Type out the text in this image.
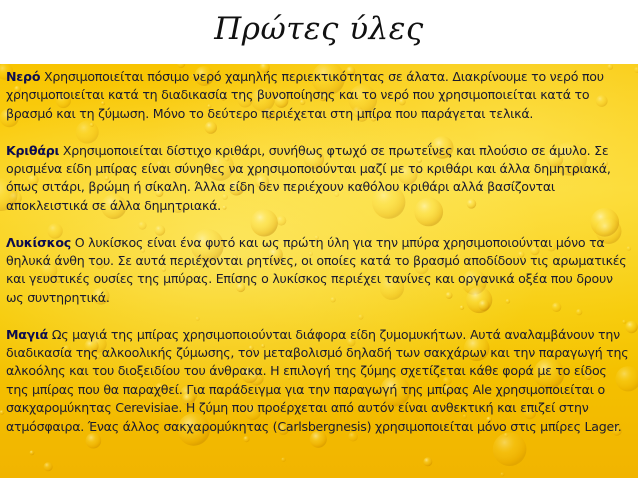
Πρώτες ύλες

Νερό Χρησιμοποιείται πόσιμο νερό χαμηλής περιεκτικότητας σε άλατα. Διακρίνουμε το νερό που χρησιμοποιείται κατά τη διαδικασία της βυνοποίησης και το νερό που χρησιμοποιείται κατά το βρασμό και τη ζύμωση. Μόνο το δεύτερο περιέχεται στη μπίρα που παράγεται τελικά.

Κριθάρι Χρησιμοποιείται δίστιχο κριθάρι, συνήθως φτωχό σε πρωτεΐνες και πλούσιο σε άμυλο. Σε ορισμένα είδη μπίρας είναι σύνηθες να χρησιμοποιούνται μαζί με το κριθάρι και άλλα δημητριακά, όπως σιτάρι, βρώμη ή σίκαλη. Άλλα είδη δεν περιέχουν καθόλου κριθάρι αλλά βασίζονται αποκλειστικά σε άλλα δημητριακά.

Λυκίσκος Ο λυκίσκος είναι ένα φυτό και ως πρώτη ύλη για την μπύρα χρησιμοποιούνται μόνο τα θηλυκά άνθη του. Σε αυτά περιέχονται ρητίνες, οι οποίες κατά το βρασμό αποδίδουν τις αρωματικές και γευστικές ουσίες της μπύρας. Επίσης ο λυκίσκος περιέχει τανίνες και οργανικά οξέα που δρουν ως συντηρητικά.

Μαγιά Ως μαγιά της μπίρας χρησιμοποιούνται διάφορα είδη ζυμομυκήτων. Αυτά αναλαμβάνουν την διαδικασία της αλκοολικής ζύμωσης, τον μεταβολισμό δηλαδή των σακχάρων και την παραγωγή της αλκοόλης και του διοξειδίου του άνθρακα. Η επιλογή της ζύμης σχετίζεται κάθε φορά με το είδος της μπίρας που θα παραχθεί. Για παράδειγμα για την παραγωγή της μπίρας Ale χρησιμοποιείται ο σακχαρομύκητας Cerevisiae. Η ζύμη που προέρχεται από αυτόν είναι ανθεκτική και επιζεί στην ατμόσφαιρα. Ένας άλλος σακχαρομύκητας (Carlsbergnesis) χρησιμοποιείται μόνο στις μπίρες Lager.
